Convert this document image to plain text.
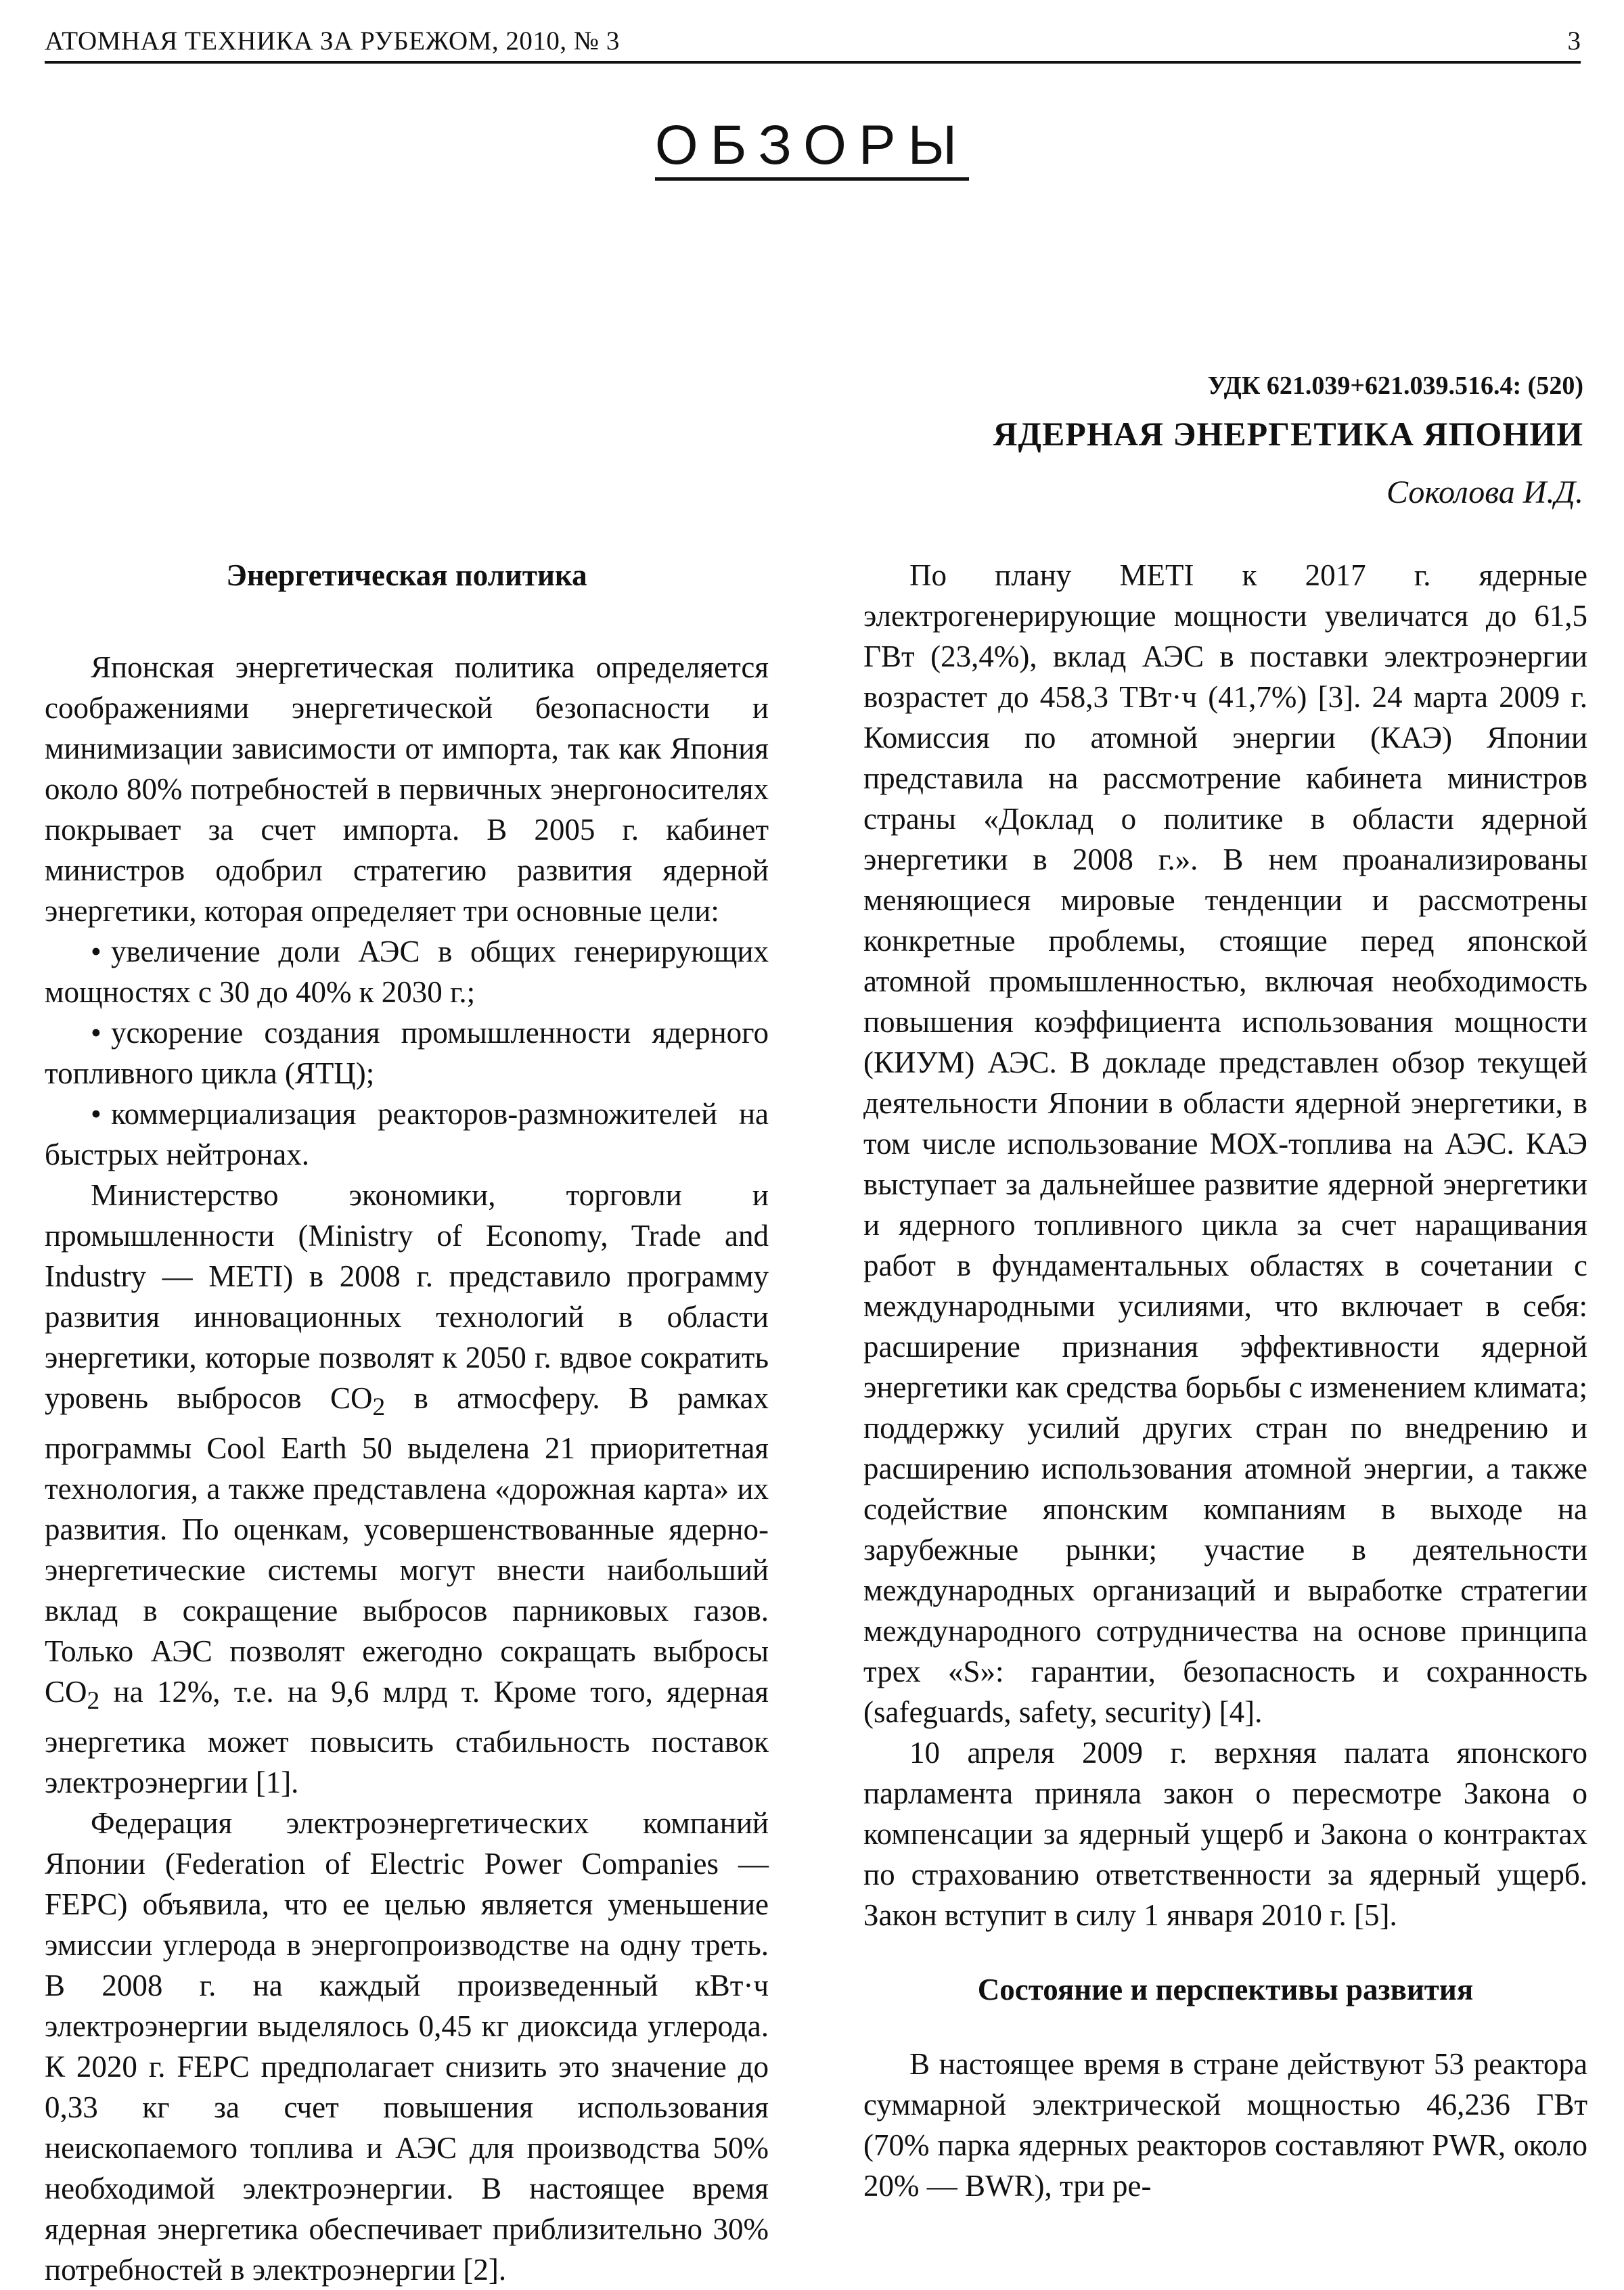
АТОМНАЯ ТЕХНИКА ЗА РУБЕЖОМ, 2010, № 3	3
ОБЗОРЫ
УДК 621.039+621.039.516.4: (520)
ЯДЕРНАЯ ЭНЕРГЕТИКА ЯПОНИИ
Соколова И.Д.
Энергетическая политика

Японская энергетическая политика определяется соображениями энергетической безопасности и минимизации зависимости от импорта, так как Япония около 80% потребностей в первичных энергоносителях покрывает за счет импорта. В 2005 г. кабинет министров одобрил стратегию развития ядерной энергетики, которая определяет три основные цели:

• увеличение доли АЭС в общих генерирующих мощностях с 30 до 40% к 2030 г.;
• ускорение создания промышленности ядерного топливного цикла (ЯТЦ);
• коммерциализация реакторов-размножителей на быстрых нейтронах.

Министерство экономики, торговли и промышленности (Ministry of Economy, Trade and Industry — METI) в 2008 г. представило программу развития инновационных технологий в области энергетики, которые позволят к 2050 г. вдвое сократить уровень выбросов $CO_2$ в атмосферу. В рамках программы Cool Earth 50 выделена 21 приоритетная технология, а также представлена «дорожная карта» их развития. По оценкам, усовершенствованные ядерно-энергетические системы могут внести наибольший вклад в сокращение выбросов парниковых газов. Только АЭС позволят ежегодно сокращать выбросы $CO_2$ на 12%, т.е. на 9,6 млрд т. Кроме того, ядерная энергетика может повысить стабильность поставок электроэнергии [1].

Федерация электроэнергетических компаний Японии (Federation of Electric Power Companies — FEPC) объявила, что ее целью является уменьшение эмиссии углерода в энергопроизводстве на одну треть. В 2008 г. на каждый произведенный кВт·ч электроэнергии выделялось 0,45 кг диоксида углерода. К 2020 г. FEPC предполагает снизить это значение до 0,33 кг за счет повышения использования неископаемого топлива и АЭС для производства 50% необходимой электроэнергии. В настоящее время ядерная энергетика обеспечивает приблизительно 30% потребностей в электроэнергии [2].

По плану METI к 2017 г. ядерные электрогенерирующие мощности увеличатся до 61,5 ГВт (23,4%), вклад АЭС в поставки электроэнергии возрастет до 458,3 ТВт·ч (41,7%) [3]. 24 марта 2009 г. Комиссия по атомной энергии (КАЭ) Японии представила на рассмотрение кабинета министров страны «Доклад о политике в области ядерной энергетики в 2008 г.». В нем проанализированы меняющиеся мировые тенденции и рассмотрены конкретные проблемы, стоящие перед японской атомной промышленностью, включая необходимость повышения коэффициента использования мощности (КИУМ) АЭС. В докладе представлен обзор текущей деятельности Японии в области ядерной энергетики, в том числе использование МОХ-топлива на АЭС. КАЭ выступает за дальнейшее развитие ядерной энергетики и ядерного топливного цикла за счет наращивания работ в фундаментальных областях в сочетании с международными усилиями, что включает в себя: расширение признания эффективности ядерной энергетики как средства борьбы с изменением климата; поддержку усилий других стран по внедрению и расширению использования атомной энергии, а также содействие японским компаниям в выходе на зарубежные рынки; участие в деятельности международных организаций и выработке стратегии международного сотрудничества на основе принципа трех «S»: гарантии, безопасность и сохранность (safeguards, safety, security) [4].

10 апреля 2009 г. верхняя палата японского парламента приняла закон о пересмотре Закона о компенсации за ядерный ущерб и Закона о контрактах по страхованию ответственности за ядерный ущерб. Закон вступит в силу 1 января 2010 г. [5].

Состояние и перспективы развития

В настоящее время в стране действуют 53 реактора суммарной электрической мощностью 46,236 ГВт (70% парка ядерных реакторов составляют PWR, около 20% — BWR), три ре-
